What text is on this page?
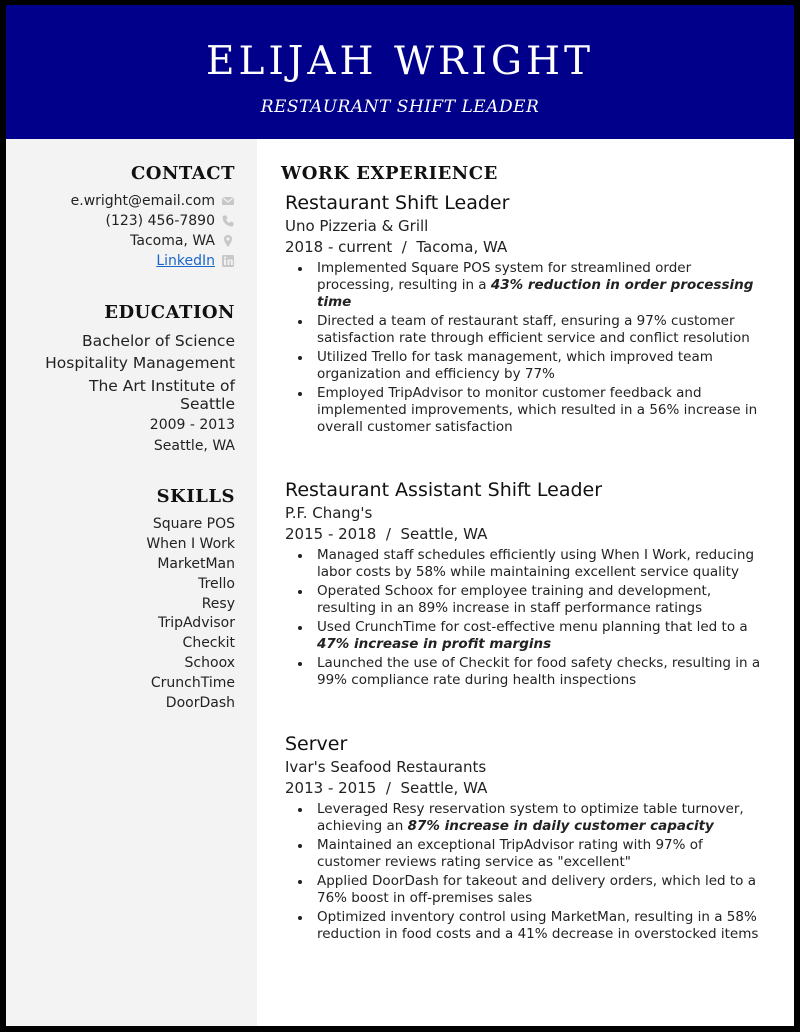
ELIJAH WRIGHT
RESTAURANT SHIFT LEADER
CONTACT
e.wright@email.com
(123) 456-7890
Tacoma, WA
LinkedIn
EDUCATION
Bachelor of Science
Hospitality Management
The Art Institute of
Seattle
2009 - 2013
Seattle, WA
SKILLS
Square POS
When I Work
MarketMan
Trello
Resy
TripAdvisor
Checkit
Schoox
CrunchTime
DoorDash
WORK EXPERIENCE
Restaurant Shift Leader
Uno Pizzeria & Grill
2018 - current  /  Tacoma, WA
Implemented Square POS system for streamlined order processing, resulting in a 43% reduction in order processing time
Directed a team of restaurant staff, ensuring a 97% customer satisfaction rate through efficient service and conflict resolution
Utilized Trello for task management, which improved team organization and efficiency by 77%
Employed TripAdvisor to monitor customer feedback and implemented improvements, which resulted in a 56% increase in overall customer satisfaction
Restaurant Assistant Shift Leader
P.F. Chang's
2015 - 2018  /  Seattle, WA
Managed staff schedules efficiently using When I Work, reducing labor costs by 58% while maintaining excellent service quality
Operated Schoox for employee training and development, resulting in an 89% increase in staff performance ratings
Used CrunchTime for cost-effective menu planning that led to a 47% increase in profit margins
Launched the use of Checkit for food safety checks, resulting in a 99% compliance rate during health inspections
Server
Ivar's Seafood Restaurants
2013 - 2015  /  Seattle, WA
Leveraged Resy reservation system to optimize table turnover, achieving an 87% increase in daily customer capacity
Maintained an exceptional TripAdvisor rating with 97% of customer reviews rating service as "excellent"
Applied DoorDash for takeout and delivery orders, which led to a 76% boost in off-premises sales
Optimized inventory control using MarketMan, resulting in a 58% reduction in food costs and a 41% decrease in overstocked items
